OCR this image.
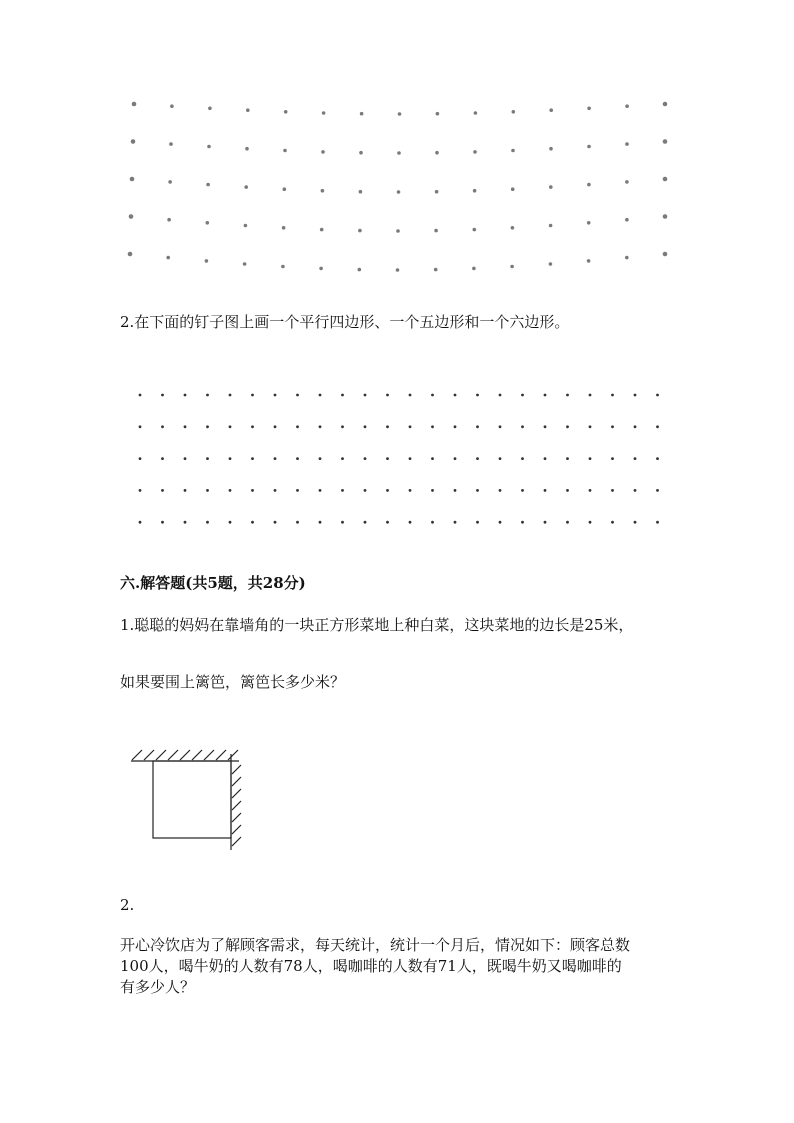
2.在下面的钉子图上画一个平行四边形、一个五边形和一个六边形。
六.解答题(共5题，共28分)
1.聪聪的妈妈在靠墙角的一块正方形菜地上种白菜，这块菜地的边长是25米，
如果要围上篱笆，篱笆长多少米？
2.
开心冷饮店为了解顾客需求，每天统计，统计一个月后，情况如下：顾客总数
100人，喝牛奶的人数有78人，喝咖啡的人数有71人，既喝牛奶又喝咖啡的
有多少人？
